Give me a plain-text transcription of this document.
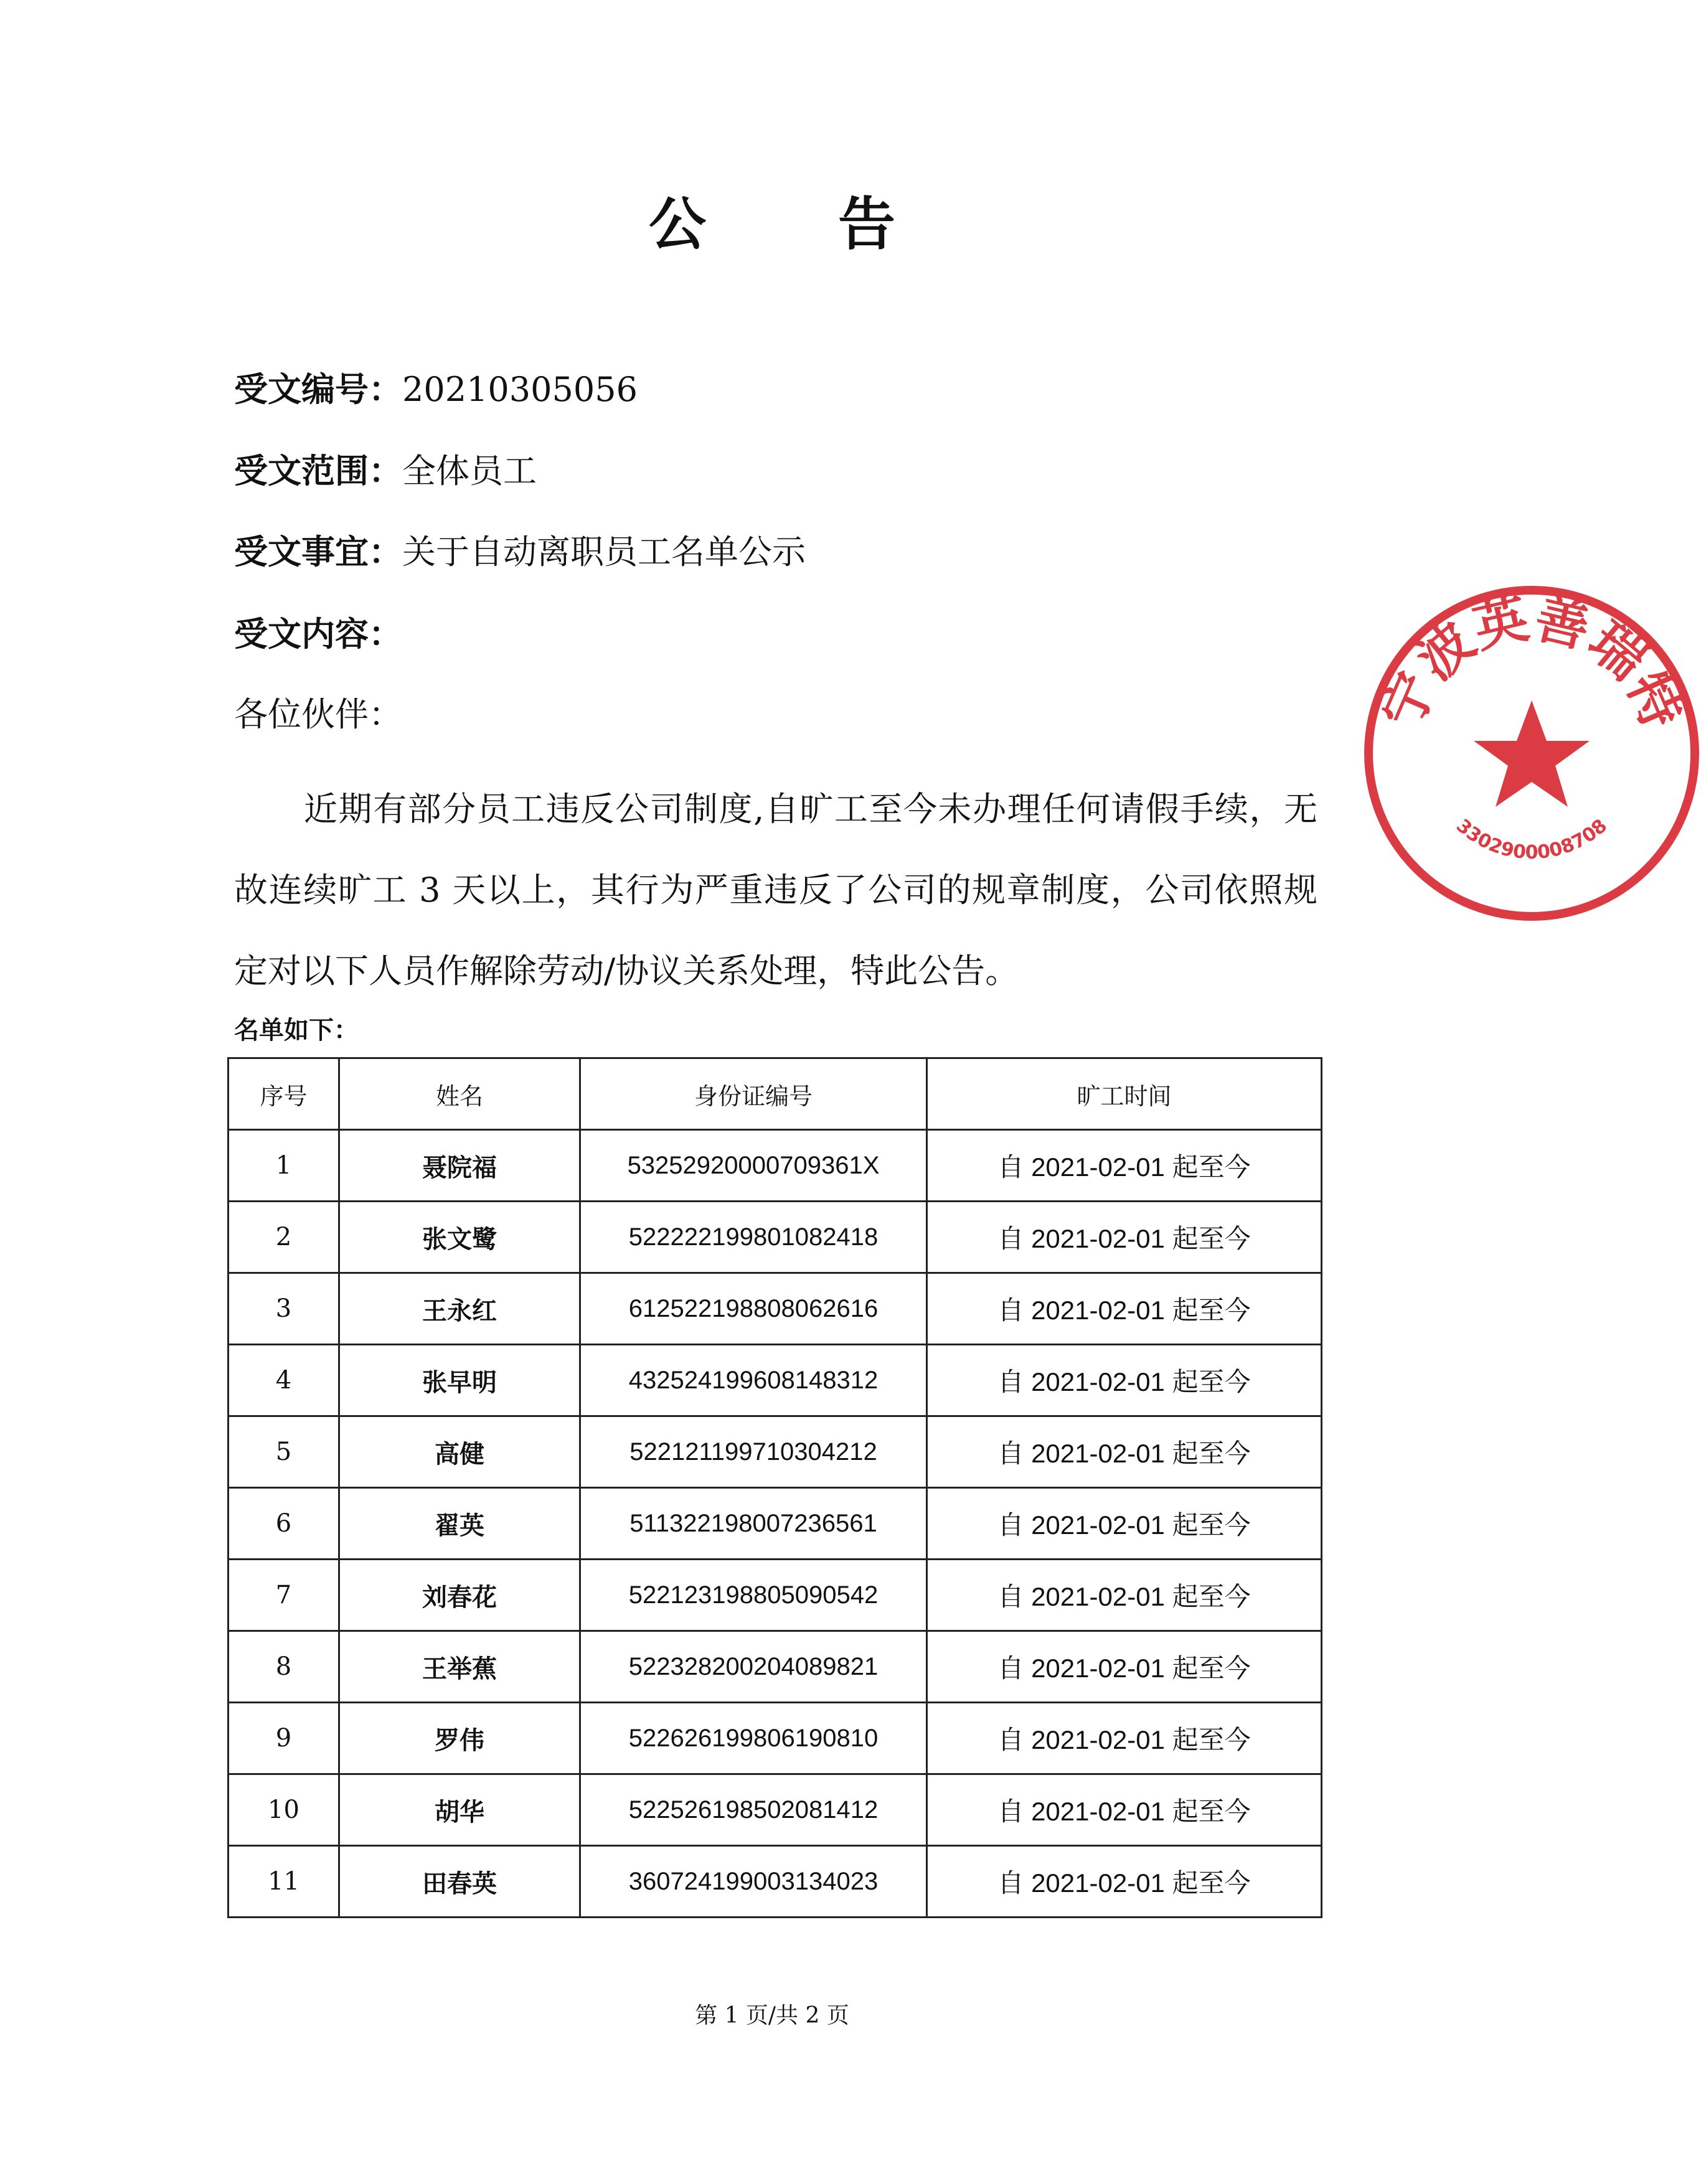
公 告
受文编号：20210305056
受文范围：全体员工
受文事宜：关于自动离职员工名单公示
受文内容：
各位伙伴：
近期有部分员工违反公司制度,自旷工至今未办理任何请假手续，无故连续旷工 3 天以上，其行为严重违反了公司的规章制度，公司依照规定对以下人员作解除劳动/协议关系处理，特此公告。
名单如下：
序号	姓名	身份证编号	旷工时间
1	聂院福	53252920000709361X	自 2021-02-01 起至今
2	张文鹭	522222199801082418	自 2021-02-01 起至今
3	王永红	612522198808062616	自 2021-02-01 起至今
4	张早明	432524199608148312	自 2021-02-01 起至今
5	高健	522121199710304212	自 2021-02-01 起至今
6	翟英	511322198007236561	自 2021-02-01 起至今
7	刘春花	522123198805090542	自 2021-02-01 起至今
8	王举蕉	522328200204089821	自 2021-02-01 起至今
9	罗伟	522626199806190810	自 2021-02-01 起至今
10	胡华	522526198502081412	自 2021-02-01 起至今
11	田春英	360724199003134023	自 2021-02-01 起至今
第 1 页/共 2 页
宁波英善瑞特
3302900008708
